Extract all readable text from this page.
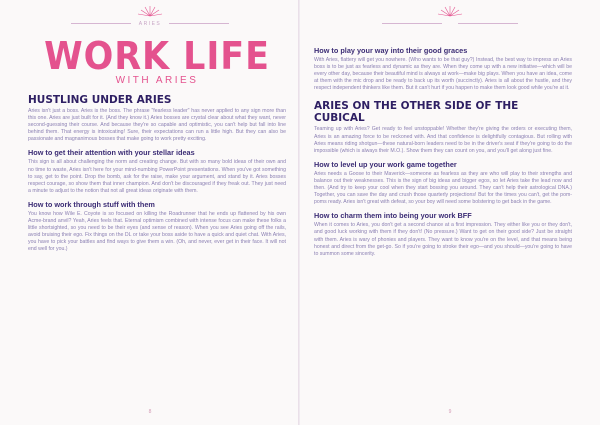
ARIES
WORK LIFE
WITH ARIES
HUSTLING UNDER ARIES

Aries isn't just a boss. Aries is the boss. The phrase "fearless leader" has never applied to any sign more than this one. Aries are just built for it. (And they know it.) Aries bosses are crystal clear about what they want, never second-guessing their course. And because they're so capable and optimistic, you can't help but fall into line behind them. That energy is intoxicating! Sure, their expectations can run a little high. But they can also be passionate and magnanimous bosses that make going to work pretty exciting.

How to get their attention with your stellar ideas

This sign is all about challenging the norm and creating change. But with so many bold ideas of their own and no time to waste, Aries isn't here for your mind-numbing PowerPoint presentations. When you've got something to say, get to the point. Drop the bomb, ask for the raise, make your argument, and stand by it. Aries bosses respect courage, so show them that inner champion. And don't be discouraged if they freak out. They just need a minute to adjust to the notion that not all great ideas originate with them.

How to work through stuff with them

You know how Wile E. Coyote is so focused on killing the Roadrunner that he ends up flattened by his own Acme-brand anvil? Yeah, Aries feels that. Eternal optimism combined with intense focus can make these folks a little shortsighted, so you need to be their eyes (and sense of reason). When you see Aries going off the rails, avoid bruising their ego. Fix things on the DL or take your boss aside to have a quick and quiet chat. With Aries, you have to pick your battles and find ways to give them a win. (Oh, and never, ever get in their face. It will not end well for you.)

8
How to play your way into their good graces

With Aries, flattery will get you nowhere. (Who wants to be that guy?) Instead, the best way to impress an Aries boss is to be just as fearless and dynamic as they are. When they come up with a new initiative—which will be every other day, because their beautiful mind is always at work—make big plays. When you have an idea, come at them with the mic drop and be ready to back up its worth (succinctly). Aries is all about the hustle, and they respect independent thinkers like them. But it can't hurt if you happen to make them look good while you're at it.

ARIES ON THE OTHER SIDE OF THE CUBICAL

Teaming up with Aries? Get ready to feel unstoppable! Whether they're giving the orders or executing them, Aries is an amazing force to be reckoned with. And that confidence is delightfully contagious. But rolling with Aries means riding shotgun—these natural-born leaders need to be in the driver's seat if they're going to do the impossible (which is always their M.O.). Show them they can count on you, and you'll get along just fine.

How to level up your work game together

Aries needs a Goose to their Maverick—someone as fearless as they are who will play to their strengths and balance out their weaknesses. This is the sign of big ideas and bigger egos, so let Aries take the lead now and then. (And try to keep your cool when they start bossing you around. They can't help their astrological DNA.) Together, you can save the day and crush those quarterly projections! But for the times you can't, get the pom-poms ready. Aries isn't great with defeat, so your boy will need some bolstering to get back in the game.

How to charm them into being your work BFF

When it comes to Aries, you don't get a second chance at a first impression. They either like you or they don't, and good luck working with them if they don't! (No pressure.) Want to get on their good side? Just be straight with them. Aries is wary of phonies and players. They want to know you're on the level, and that means being honest and direct from the get-go. So if you're going to stroke their ego—and you should—you're going to have to summon some sincerity.

9
